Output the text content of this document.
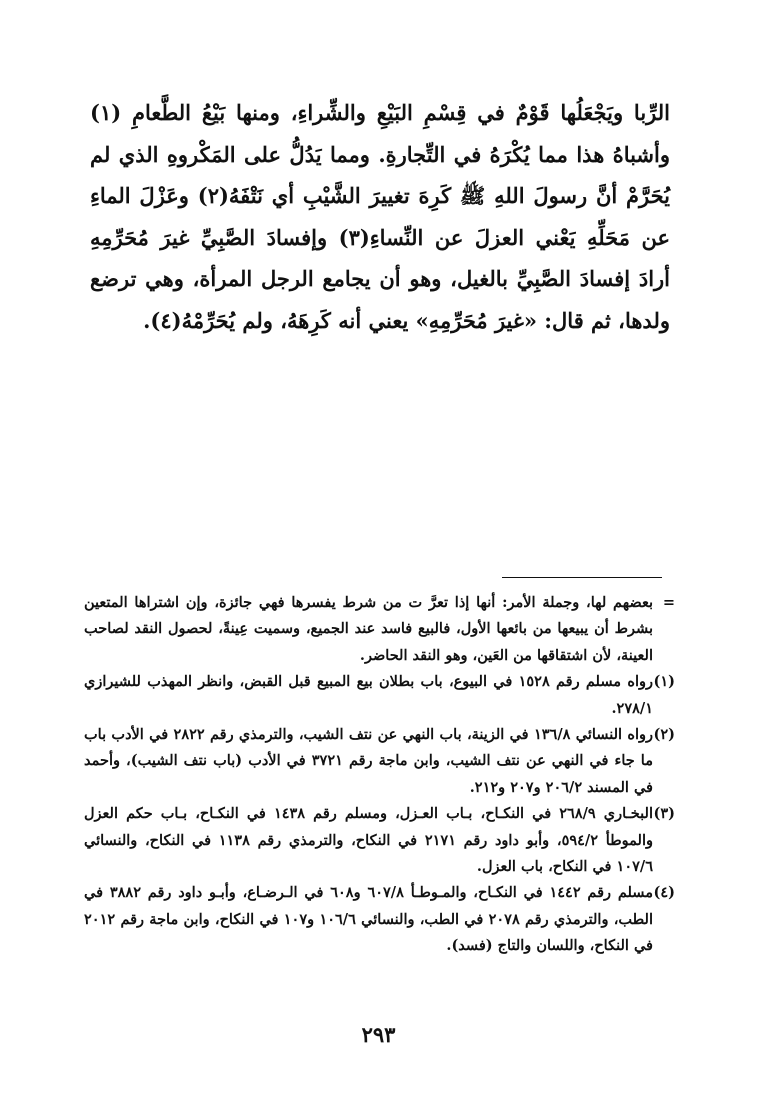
الرِّبا ويَجْعَلُها قَوْمٌ في قِسْمِ البَيْعِ والشِّراءِ، ومنها بَيْعُ الطَّعامِ (١) وأشباهُ هذا مما يُكْرَهُ في التِّجارةِ. ومما يَدُلُّ على المَكْروهِ الذي لم يُحَرَّمْ أنَّ رسولَ اللهِ ﷺ كَرِهَ تغييرَ الشَّيْبِ أي نَتْفَهُ(٢) وعَزْلَ الماءِ عن مَحَلِّهِ يَعْني العزلَ عن النِّساءِ(٣) وإفسادَ الصَّبِيِّ غيرَ مُحَرِّمِهِ أرادَ إفسادَ الصَّبِيِّ بالغيل، وهو أن يجامع الرجل المرأة، وهي ترضع ولدها، ثم قال: «غيرَ مُحَرِّمِهِ» يعني أنه كَرِهَهُ، ولم يُحَرِّمْهُ(٤).

=
بعضهم لها، وجملة الأمر: أنها إذا تعرَّ ت من شرط يفسرها فهي جائزة، وإن اشتراها المتعين بشرط أن يبيعها من بائعها الأول، فالبيع فاسد عند الجميع، وسميت عِينةً، لحصول النقد لصاحب العينة، لأن اشتقاقها من العَين، وهو النقد الحاضر.

(١)
رواه مسلم رقم ١٥٢٨ في البيوع، باب بطلان بيع المبيع قبل القبض، وانظر المهذب للشيرازي ٢٧٨/١.

(٢)
رواه النسائي ١٣٦/٨ في الزينة، باب النهي عن نتف الشيب، والترمذي رقم ٢٨٢٢ في الأدب باب ما جاء في النهي عن نتف الشيب، وابن ماجة رقم ٣٧٢١ في الأدب (باب نتف الشيب)، وأحمد في المسند ٢٠٦/٢ و٢٠٧ و٢١٢.

(٣)
البخـاري ٢٦٨/٩ في النكـاح، بـاب العـزل، ومسلم رقم ١٤٣٨ في النكـاح، بـاب حكم العزل والموطأ ٥٩٤/٢، وأبو داود رقم ٢١٧١ في النكاح، والترمذي رقم ١١٣٨ في النكاح، والنسائي ١٠٧/٦ في النكاح، باب العزل.

(٤)
مسلم رقم ١٤٤٢ في النكـاح، والمـوطـأ ٦٠٧/٨ و٦٠٨ في الـرضـاع، وأبـو داود رقم ٣٨٨٢ في الطب، والترمذي رقم ٢٠٧٨ في الطب، والنسائي ١٠٦/٦ و١٠٧ في النكاح، وابن ماجة رقم ٢٠١٢ في النكاح، واللسان والتاج (فسد).

٢٩٣
